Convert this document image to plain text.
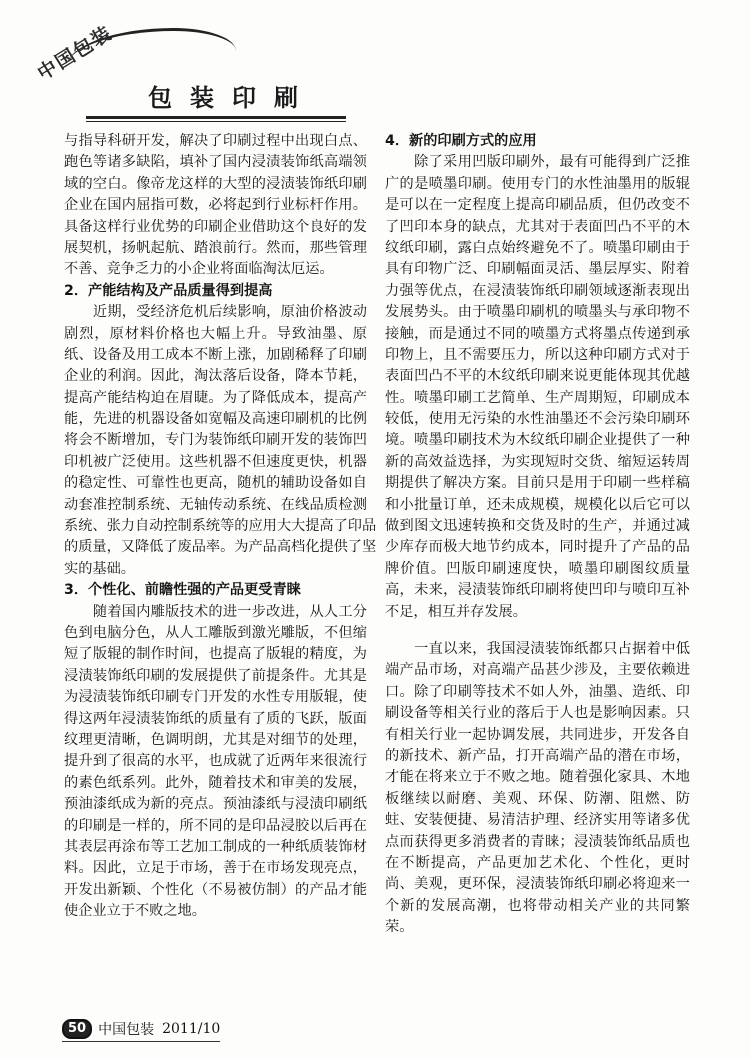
中国包装
包装印刷
与指导科研开发，解决了印刷过程中出现白点、
跑色等诸多缺陷，填补了国内浸渍装饰纸高端领
域的空白。像帝龙这样的大型的浸渍装饰纸印刷
企业在国内屈指可数，必将起到行业标杆作用。
具备这样行业优势的印刷企业借助这个良好的发
展契机，扬帆起航、踏浪前行。然而，那些管理
不善、竞争乏力的小企业将面临淘汰厄运。
2．产能结构及产品质量得到提高
　　近期，受经济危机后续影响，原油价格波动
剧烈，原材料价格也大幅上升。导致油墨、原
纸、设备及用工成本不断上涨，加剧稀释了印刷
企业的利润。因此，淘汰落后设备，降本节耗，
提高产能结构迫在眉睫。为了降低成本，提高产
能，先进的机器设备如宽幅及高速印刷机的比例
将会不断增加，专门为装饰纸印刷开发的装饰凹
印机被广泛使用。这些机器不但速度更快，机器
的稳定性、可靠性也更高，随机的辅助设备如自
动套准控制系统、无轴传动系统、在线品质检测
系统、张力自动控制系统等的应用大大提高了印品
的质量，又降低了废品率。为产品高档化提供了坚
实的基础。
3．个性化、前瞻性强的产品更受青睐
　　随着国内雕版技术的进一步改进，从人工分
色到电脑分色，从人工雕版到激光雕版，不但缩
短了版辊的制作时间，也提高了版辊的精度，为
浸渍装饰纸印刷的发展提供了前提条件。尤其是
为浸渍装饰纸印刷专门开发的水性专用版辊，使
得这两年浸渍装饰纸的质量有了质的飞跃，版面
纹理更清晰，色调明朗，尤其是对细节的处理，
提升到了很高的水平，也成就了近两年来很流行
的素色纸系列。此外，随着技术和审美的发展，
预油漆纸成为新的亮点。预油漆纸与浸渍印刷纸
的印刷是一样的，所不同的是印品浸胶以后再在
其表层再涂布等工艺加工制成的一种纸质装饰材
料。因此，立足于市场，善于在市场发现亮点，
开发出新颖、个性化（不易被仿制）的产品才能
使企业立于不败之地。
4．新的印刷方式的应用
　　除了采用凹版印刷外，最有可能得到广泛推
广的是喷墨印刷。使用专门的水性油墨用的版辊
是可以在一定程度上提高印刷品质，但仍改变不
了凹印本身的缺点，尤其对于表面凹凸不平的木
纹纸印刷，露白点始终避免不了。喷墨印刷由于
具有印物广泛、印刷幅面灵活、墨层厚实、附着
力强等优点，在浸渍装饰纸印刷领域逐渐表现出
发展势头。由于喷墨印刷机的喷墨头与承印物不
接触，而是通过不同的喷墨方式将墨点传递到承
印物上，且不需要压力，所以这种印刷方式对于
表面凹凸不平的木纹纸印刷来说更能体现其优越
性。喷墨印刷工艺简单、生产周期短，印刷成本
较低，使用无污染的水性油墨还不会污染印刷环
境。喷墨印刷技术为木纹纸印刷企业提供了一种
新的高效益选择，为实现短时交货、缩短运转周
期提供了解决方案。目前只是用于印刷一些样稿
和小批量订单，还未成规模，规模化以后它可以
做到图文迅速转换和交货及时的生产，并通过减
少库存而极大地节约成本，同时提升了产品的品
牌价值。凹版印刷速度快，喷墨印刷图纹质量
高，未来，浸渍装饰纸印刷将使凹印与喷印互补
不足，相互并存发展。
　　一直以来，我国浸渍装饰纸都只占据着中低
端产品市场，对高端产品甚少涉及，主要依赖进
口。除了印刷等技术不如人外，油墨、造纸、印
刷设备等相关行业的落后于人也是影响因素。只
有相关行业一起协调发展，共同进步，开发各自
的新技术、新产品，打开高端产品的潜在市场，
才能在将来立于不败之地。随着强化家具、木地
板继续以耐磨、美观、环保、防潮、阻燃、防
蛀、安装便捷、易清洁护理、经济实用等诸多优
点而获得更多消费者的青睐；浸渍装饰纸品质也
在不断提高，产品更加艺术化、个性化，更时
尚、美观，更环保，浸渍装饰纸印刷必将迎来一
个新的发展高潮，也将带动相关产业的共同繁
荣。
50 中国包装 2011/10
